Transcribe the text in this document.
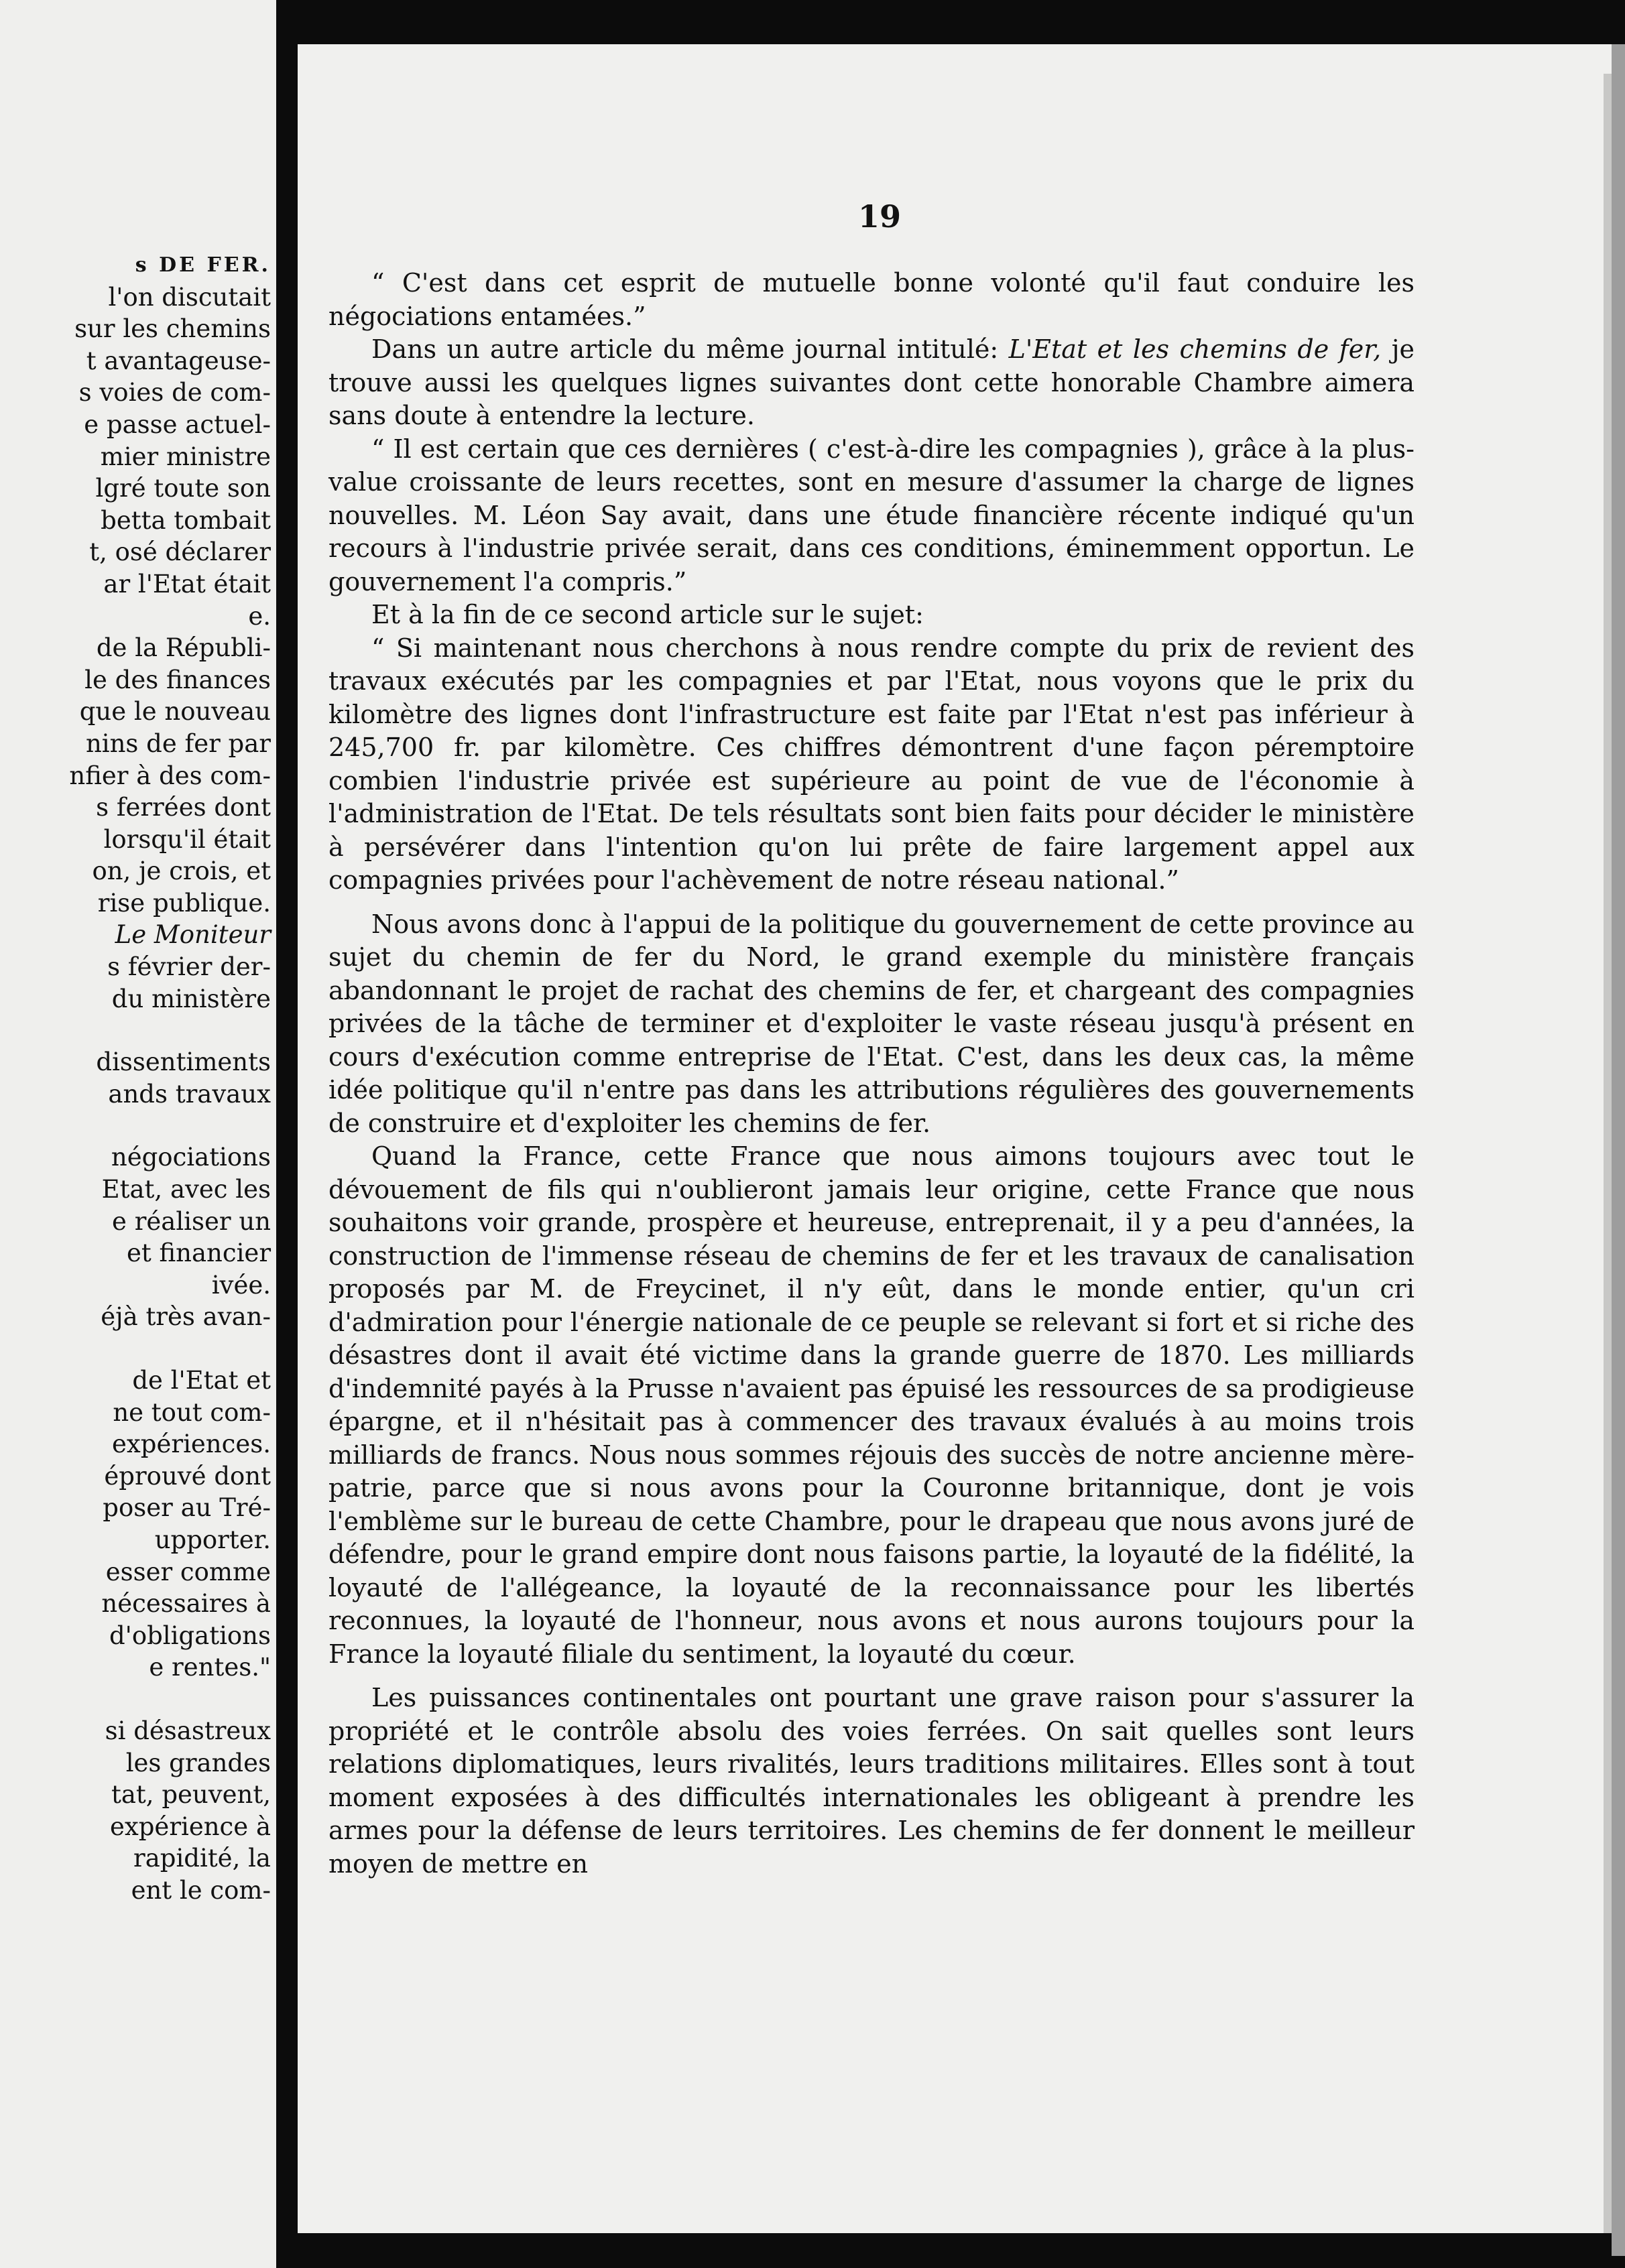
s DE FER.
l'on discutait
sur les chemins
t avantageuse-
s voies de com-
e passe actuel-
mier ministre
lgré toute son
betta tombait
t, osé déclarer
ar l'Etat était
e.
de la Républi-
le des finances
que le nouveau
nins de fer par
nfier à des com-
s ferrées dont
lorsqu'il était
on, je crois, et
rise publique.
Le Moniteur
s février der-
du ministère
dissentiments
ands travaux
négociations
Etat, avec les
e réaliser un
et financier
ivée.
éjà très avan-
de l'Etat et
ne tout com-
expériences.
éprouvé dont
poser au Tré-
upporter.
esser comme
nécessaires à
d'obligations
e rentes."
si désastreux
les grandes
tat, peuvent,
expérience à
rapidité, la
ent le com-
19

“ C'est dans cet esprit de mutuelle bonne volonté qu'il faut conduire les négociations entamées.”

Dans un autre article du même journal intitulé: L'Etat et les chemins de fer, je trouve aussi les quelques lignes suivantes dont cette honorable Chambre aimera sans doute à entendre la lecture.

“ Il est certain que ces dernières ( c'est-à-dire les compagnies ), grâce à la plus-value croissante de leurs recettes, sont en mesure d'assumer la charge de lignes nouvelles. M. Léon Say avait, dans une étude financière récente indiqué qu'un recours à l'industrie privée serait, dans ces conditions, éminemment opportun. Le gouvernement l'a compris.”

Et à la fin de ce second article sur le sujet:

“ Si maintenant nous cherchons à nous rendre compte du prix de revient des travaux exécutés par les compagnies et par l'Etat, nous voyons que le prix du kilomètre des lignes dont l'infrastructure est faite par l'Etat n'est pas inférieur à 245,700 fr. par kilomètre. Ces chiffres démontrent d'une façon péremptoire combien l'industrie privée est supérieure au point de vue de l'économie à l'administration de l'Etat. De tels résultats sont bien faits pour décider le ministère à persévérer dans l'intention qu'on lui prête de faire largement appel aux compagnies privées pour l'achèvement de notre réseau national.”

Nous avons donc à l'appui de la politique du gouvernement de cette province au sujet du chemin de fer du Nord, le grand exemple du ministère français abandonnant le projet de rachat des chemins de fer, et chargeant des compagnies privées de la tâche de terminer et d'exploiter le vaste réseau jusqu'à présent en cours d'exécution comme entreprise de l'Etat. C'est, dans les deux cas, la même idée politique qu'il n'entre pas dans les attributions régulières des gouvernements de construire et d'exploiter les chemins de fer.

Quand la France, cette France que nous aimons toujours avec tout le dévouement de fils qui n'oublieront jamais leur origine, cette France que nous souhaitons voir grande, prospère et heureuse, entreprenait, il y a peu d'années, la construction de l'immense réseau de chemins de fer et les travaux de canalisation proposés par M. de Freycinet, il n'y eût, dans le monde entier, qu'un cri d'admiration pour l'énergie nationale de ce peuple se relevant si fort et si riche des désastres dont il avait été victime dans la grande guerre de 1870. Les milliards d'indemnité payés à la Prusse n'avaient pas épuisé les ressources de sa prodigieuse épargne, et il n'hésitait pas à commencer des travaux évalués à au moins trois milliards de francs. Nous nous sommes réjouis des succès de notre ancienne mère-patrie, parce que si nous avons pour la Couronne britannique, dont je vois l'emblème sur le bureau de cette Chambre, pour le drapeau que nous avons juré de défendre, pour le grand empire dont nous faisons partie, la loyauté de la fidélité, la loyauté de l'allégeance, la loyauté de la reconnaissance pour les libertés reconnues, la loyauté de l'honneur, nous avons et nous aurons toujours pour la France la loyauté filiale du sentiment, la loyauté du cœur.

Les puissances continentales ont pourtant une grave raison pour s'assurer la propriété et le contrôle absolu des voies ferrées. On sait quelles sont leurs relations diplomatiques, leurs rivalités, leurs traditions militaires. Elles sont à tout moment exposées à des difficultés internationales les obligeant à prendre les armes pour la défense de leurs territoires. Les chemins de fer donnent le meilleur moyen de mettre en
